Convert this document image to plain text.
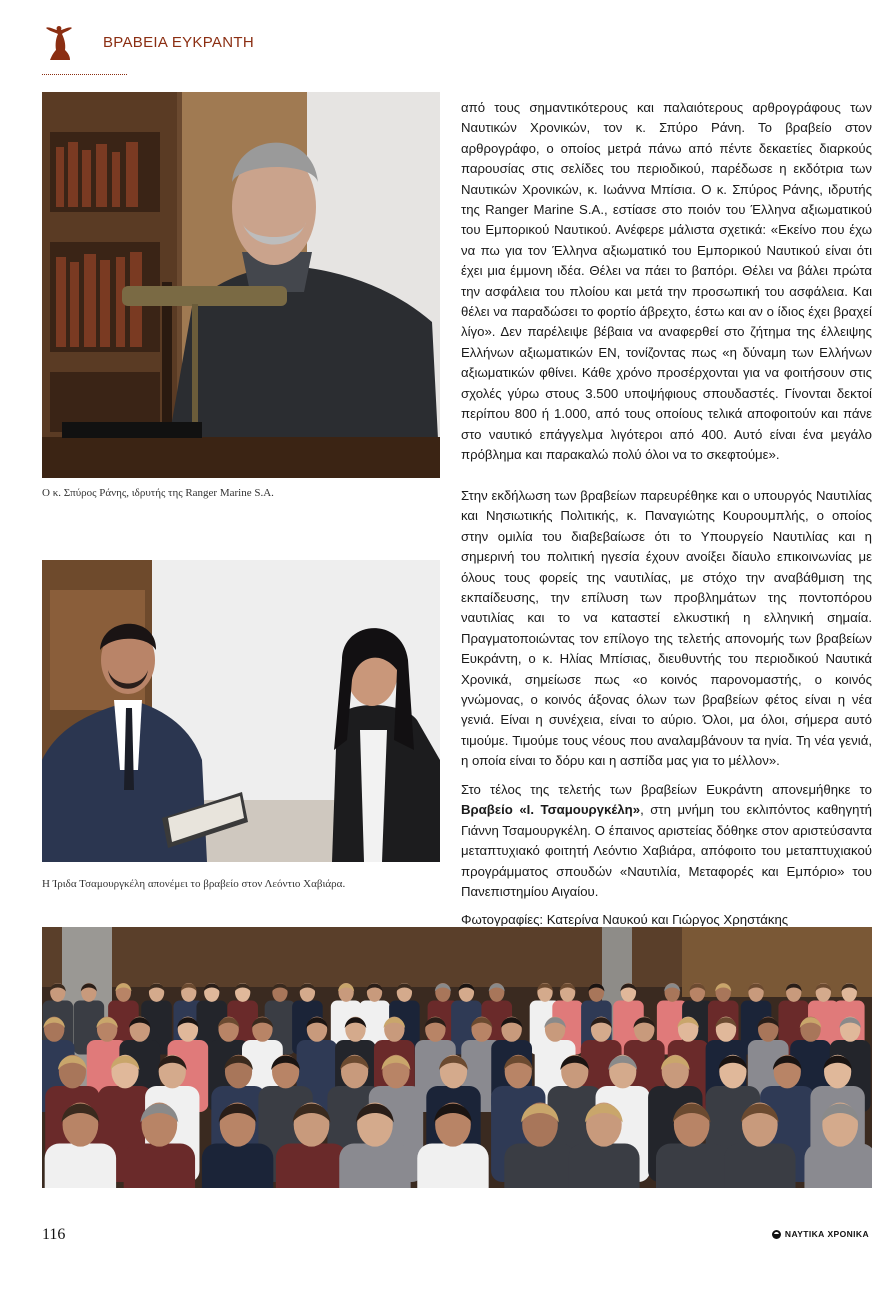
ΒΡΑΒΕΙΑ ΕΥΚΡΑΝΤΗ
Ο κ. Σπύρος Ράνης, ιδρυτής της Ranger Marine S.A.
Η Ίριδα Τσαμουργκέλη απονέμει το βραβείο στον Λεόντιο Χαβιάρα.

από τους σημαντικότερους και παλαιότερους αρθρογράφους των Ναυτικών Χρονικών, τον κ. Σπύρο Ράνη. Το βραβείο στον αρθρογράφο, ο οποίος μετρά πάνω από πέντε δεκαετίες διαρκούς παρουσίας στις σελίδες του περιοδικού, παρέδωσε η εκδότρια των Ναυτικών Χρονικών, κ. Ιωάννα Μπίσια. Ο κ. Σπύρος Ράνης, ιδρυτής της Ranger Marine S.A., εστίασε στο ποιόν του Έλληνα αξιωματικού του Εμπορικού Ναυτικού. Ανέφερε μάλιστα σχετικά: «Εκείνο που έχω να πω για τον Έλληνα αξιωματικό του Εμπορικού Ναυτικού είναι ότι έχει μια έμμονη ιδέα. Θέλει να πάει το βαπόρι. Θέλει να βάλει πρώτα την ασφάλεια του πλοίου και μετά την προσωπική του ασφάλεια. Και θέλει να παραδώσει το φορτίο άβρεχτο, έστω και αν ο ίδιος έχει βραχεί λίγο». Δεν παρέλειψε βέβαια να αναφερθεί στο ζήτημα της έλλειψης Ελλήνων αξιωματικών ΕΝ, τονίζοντας πως «η δύναμη των Ελλήνων αξιωματικών φθίνει. Κάθε χρόνο προσέρχονται για να φοιτήσουν στις σχολές γύρω στους 3.500 υποψήφιους σπουδαστές. Γίνονται δεκτοί περίπου 800 ή 1.000, από τους οποίους τελικά αποφοιτούν και πάνε στο ναυτικό επάγγελμα λιγότεροι από 400. Αυτό είναι ένα μεγάλο πρόβλημα και παρακαλώ πολύ όλοι να το σκεφτούμε».

Στην εκδήλωση των βραβείων παρευρέθηκε και ο υπουργός Ναυτιλίας και Νησιωτικής Πολιτικής, κ. Παναγιώτης Κουρουμπλής, ο οποίος στην ομιλία του διαβεβαίωσε ότι το Υπουργείο Ναυτιλίας και η σημερινή του πολιτική ηγεσία έχουν ανοίξει δίαυλο επικοινωνίας με όλους τους φορείς της ναυτιλίας, με στόχο την αναβάθμιση της εκπαίδευσης, την επίλυση των προβλημάτων της ποντοπόρου ναυτιλίας και το να καταστεί ελκυστική η ελληνική σημαία. Πραγματοποιώντας τον επίλογο της τελετής απονομής των βραβείων Ευκράντη, ο κ. Ηλίας Μπίσιας, διευθυντής του περιοδικού Ναυτικά Χρονικά, σημείωσε πως «ο κοινός παρονομαστής, ο κοινός γνώμονας, ο κοινός άξονας όλων των βραβείων φέτος είναι η νέα γενιά. Είναι η συνέχεια, είναι το αύριο. Όλοι, μα όλοι, σήμερα αυτό τιμούμε. Τιμούμε τους νέους που αναλαμβάνουν τα ηνία. Τη νέα γενιά, η οποία είναι το δόρυ και η ασπίδα μας για το μέλλον».

Στο τέλος της τελετής των βραβείων Ευκράντη απονεμήθηκε το Βραβείο «Ι. Τσαμουργκέλη», στη μνήμη του εκλιπόντος καθηγητή Γιάννη Τσαμουργκέλη. Ο έπαινος αριστείας δόθηκε στον αριστεύσαντα μεταπτυχιακό φοιτητή Λεόντιο Χαβιάρα, απόφοιτο του μεταπτυχιακού προγράμματος σπουδών «Ναυτιλία, Μεταφορές και Εμπόριο» του Πανεπιστημίου Αιγαίου.

Φωτογραφίες: Κατερίνα Ναυκού και Γιώργος Χρηστάκης

116	ΝΑΥΤΙΚΑ ΧΡΟΝΙΚΑ
